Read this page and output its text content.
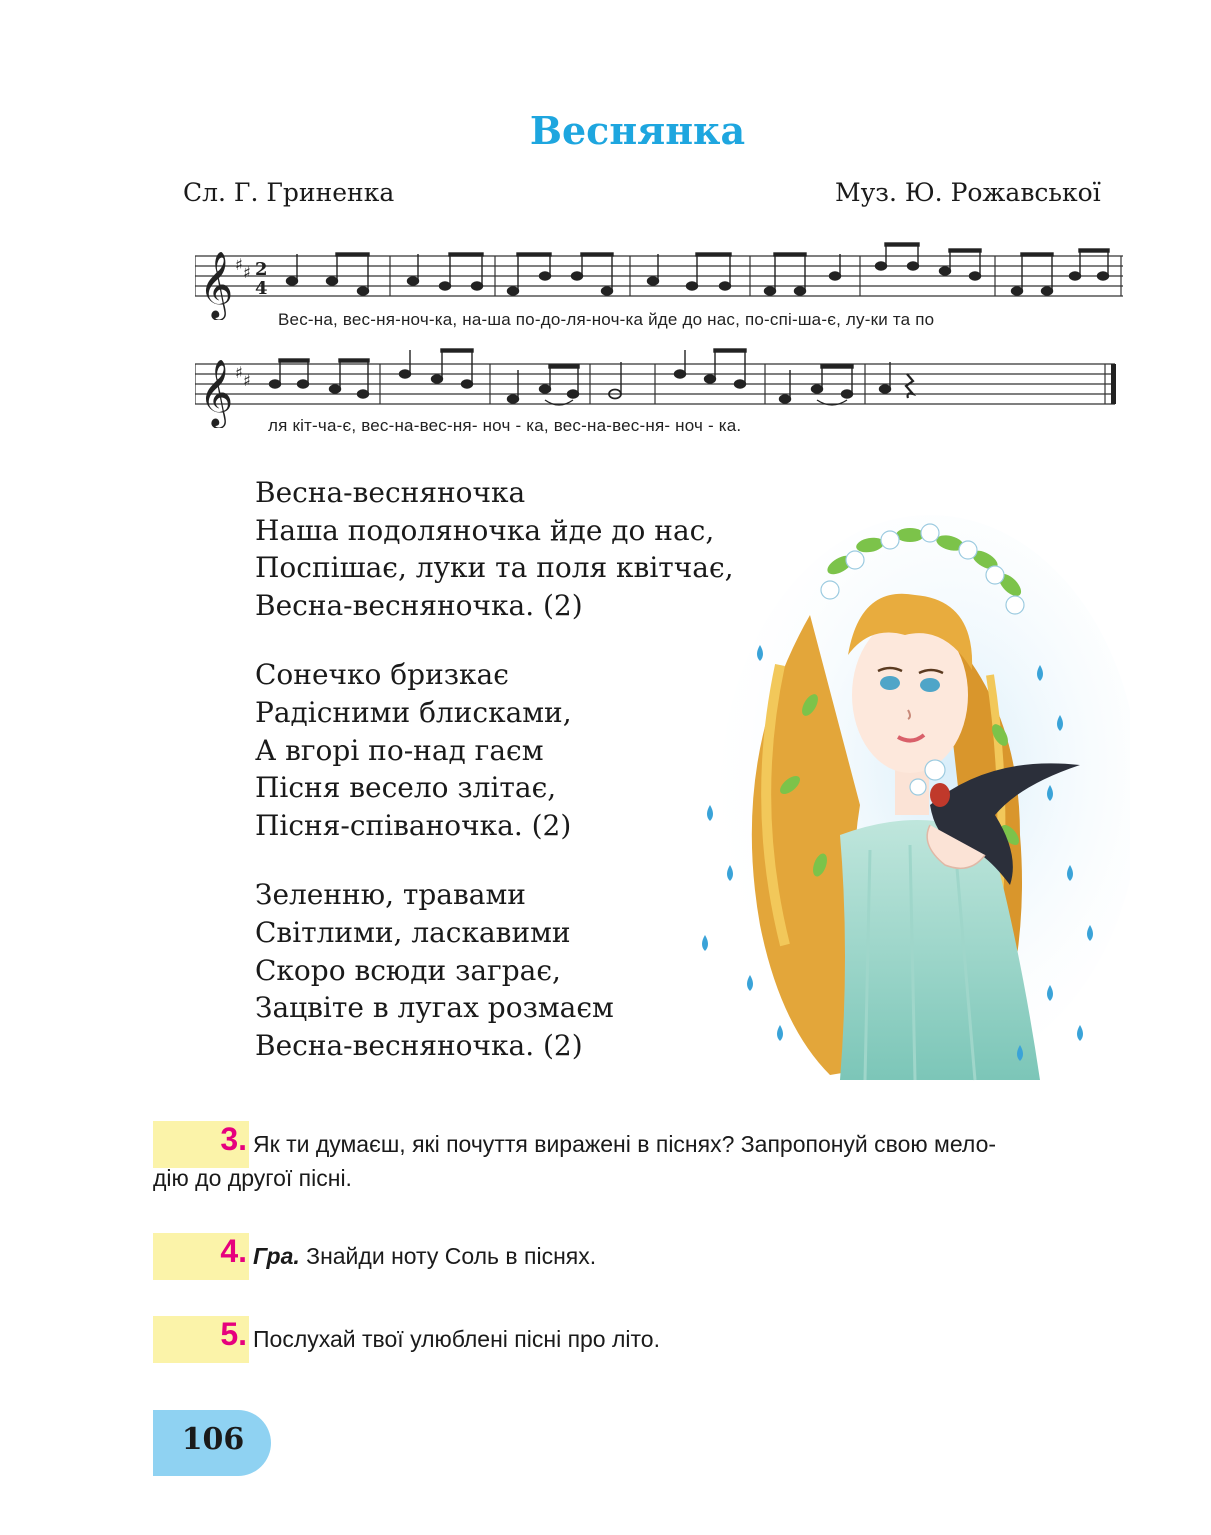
Веснянка
Сл. Г. Гриненка	Муз. Ю. Рожавської
𝄞 ♯ ♯ 2
4
Вес-на, вес-ня-ноч-ка, на-ша по-до-ля-ноч-ка йде до нас, по-спі-ша-є, лу-ки та по
𝄞 ♯ ♯
ля кіт-ча-є, вес-на-вес-ня- ноч - ка, вес-на-вес-ня- ноч - ка.
Весна-весняночка
Наша подоляночка йде до нас,
Поспішає, луки та поля квітчає,
Весна-весняночка. (2)
Сонечко бризкає
Радісними блисками,
А вгорі по-над гаєм
Пісня весело злітає,
Пісня-співаночка. (2)
Зеленню, травами
Світлими, ласкавими
Скоро всюди заграє,
Зацвіте в лугах розмаєм
Весна-весняночка. (2)
3. Як ти думаєш, які почуття виражені в піснях? Запропонуй свою мело-
дію до другої пісні.
4. Гра. Знайди ноту Соль в піснях.
5. Послухай твої улюблені пісні про літо.
106
